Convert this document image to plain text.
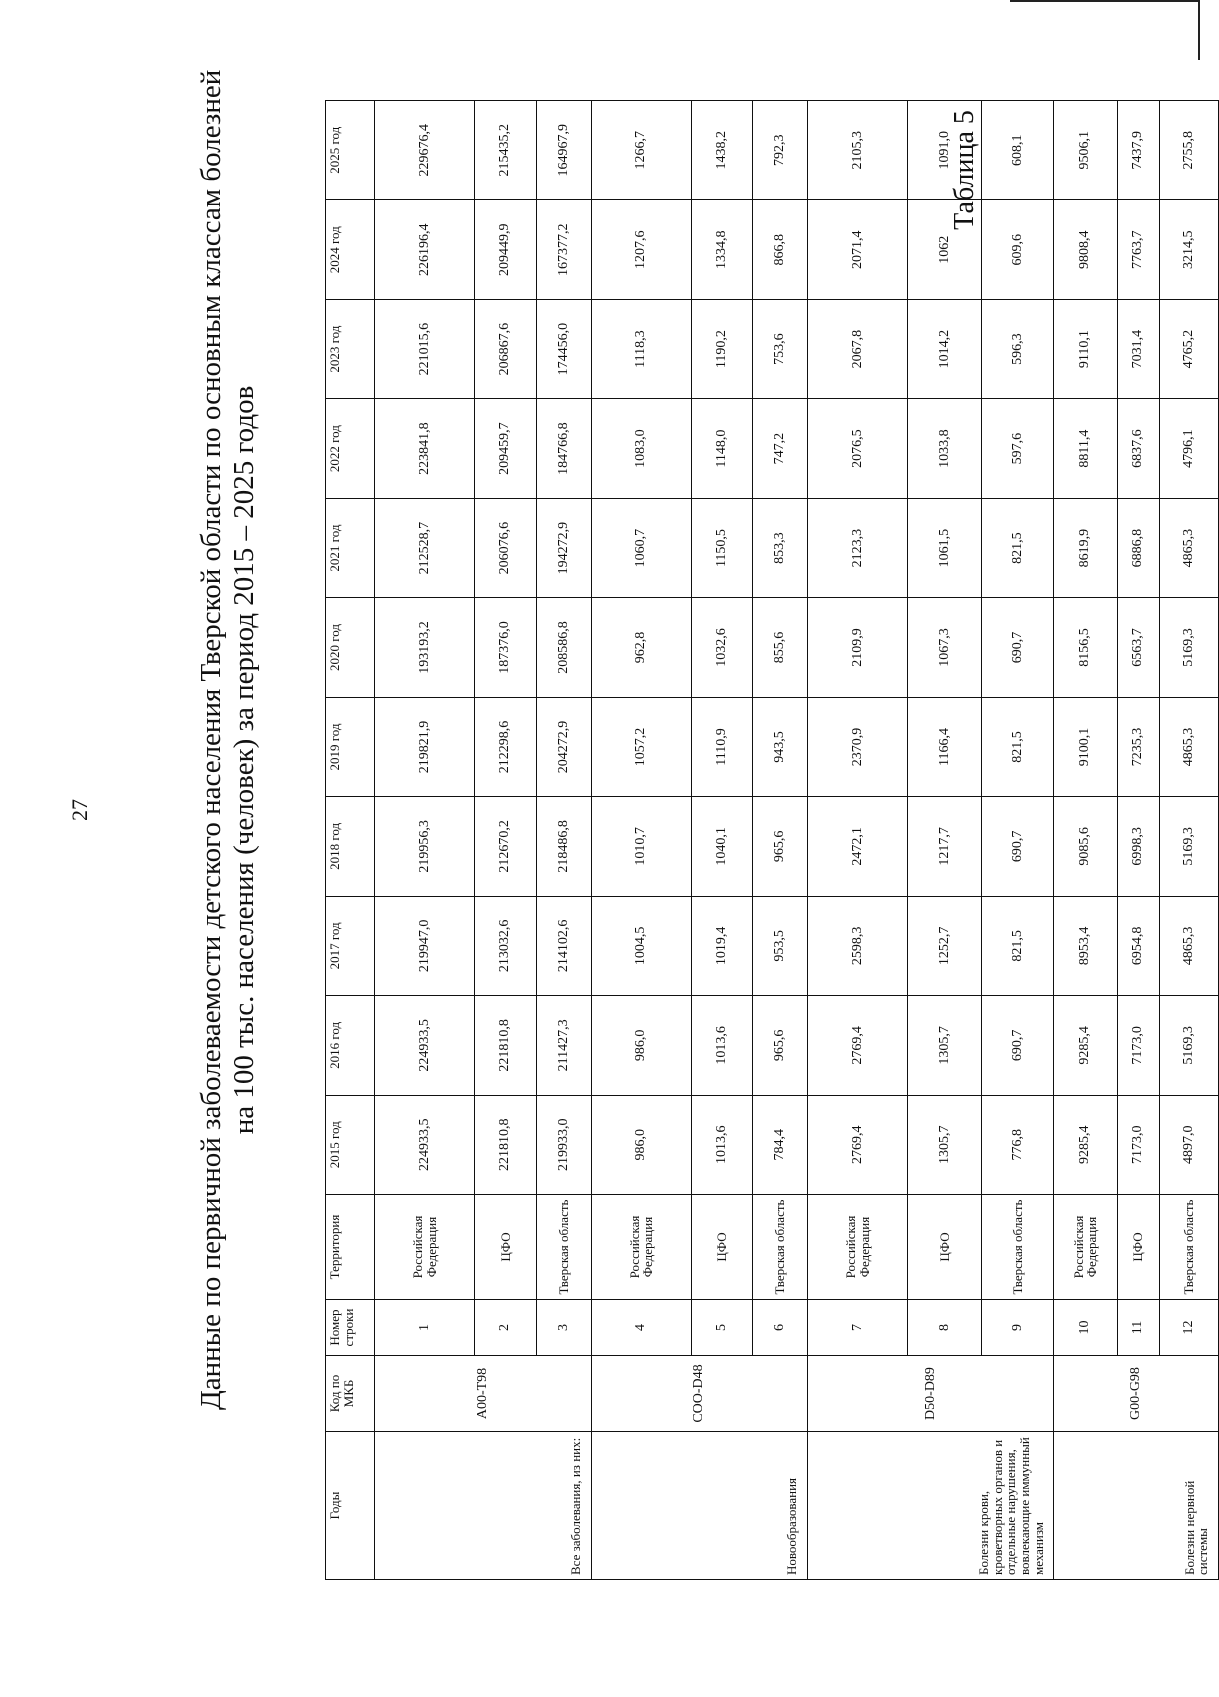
27
Таблица 5
Данные по первичной заболеваемости детского населения Тверской области по основным классам болезней на 100 тыс. населения (человек) за период 2015 – 2025 годов
Годы	Код по МКБ	Номер строки	Территория	2015 год	2016 год	2017 год	2018 год	2019 год	2020 год	2021 год	2022 год	2023 год	2024 год	2025 год
Все заболевания, из них:	A00-T98	1	Российская Федерация	224933,5	224933,5	219947,0	219956,3	219821,9	193193,2	212528,7	223841,8	221015,6	226196,4	229676,4
		2	ЦФО	221810,8	221810,8	213032,6	212670,2	212298,6	187376,0	206076,6	209459,7	206867,6	209449,9	215435,2
		3	Тверская область	219933,0	211427,3	214102,6	218486,8	204272,9	208586,8	194272,9	184766,8	174456,0	167377,2	164967,9
Новообразования	COO-D48	4	Российская Федерация	986,0	986,0	1004,5	1010,7	1057,2	962,8	1060,7	1083,0	1118,3	1207,6	1266,7
		5	ЦФО	1013,6	1013,6	1019,4	1040,1	1110,9	1032,6	1150,5	1148,0	1190,2	1334,8	1438,2
		6	Тверская область	784,4	965,6	953,5	965,6	943,5	855,6	853,3	747,2	753,6	866,8	792,3
Болезни крови, кроветворных органов и отдельные нарушения, вовлекающие иммунный механизм	D50-D89	7	Российская Федерация	2769,4	2769,4	2598,3	2472,1	2370,9	2109,9	2123,3	2076,5	2067,8	2071,4	2105,3
		8	ЦФО	1305,7	1305,7	1252,7	1217,7	1166,4	1067,3	1061,5	1033,8	1014,2	1062	1091,0
		9	Тверская область	776,8	690,7	821,5	690,7	821,5	690,7	821,5	597,6	596,3	609,6	608,1
Болезни нервной системы	G00-G98	10	Российская Федерация	9285,4	9285,4	8953,4	9085,6	9100,1	8156,5	8619,9	8811,4	9110,1	9808,4	9506,1
		11	ЦФО	7173,0	7173,0	6954,8	6998,3	7235,3	6563,7	6886,8	6837,6	7031,4	7763,7	7437,9
		12	Тверская область	4897,0	5169,3	4865,3	5169,3	4865,3	5169,3	4865,3	4796,1	4765,2	3214,5	2755,8
